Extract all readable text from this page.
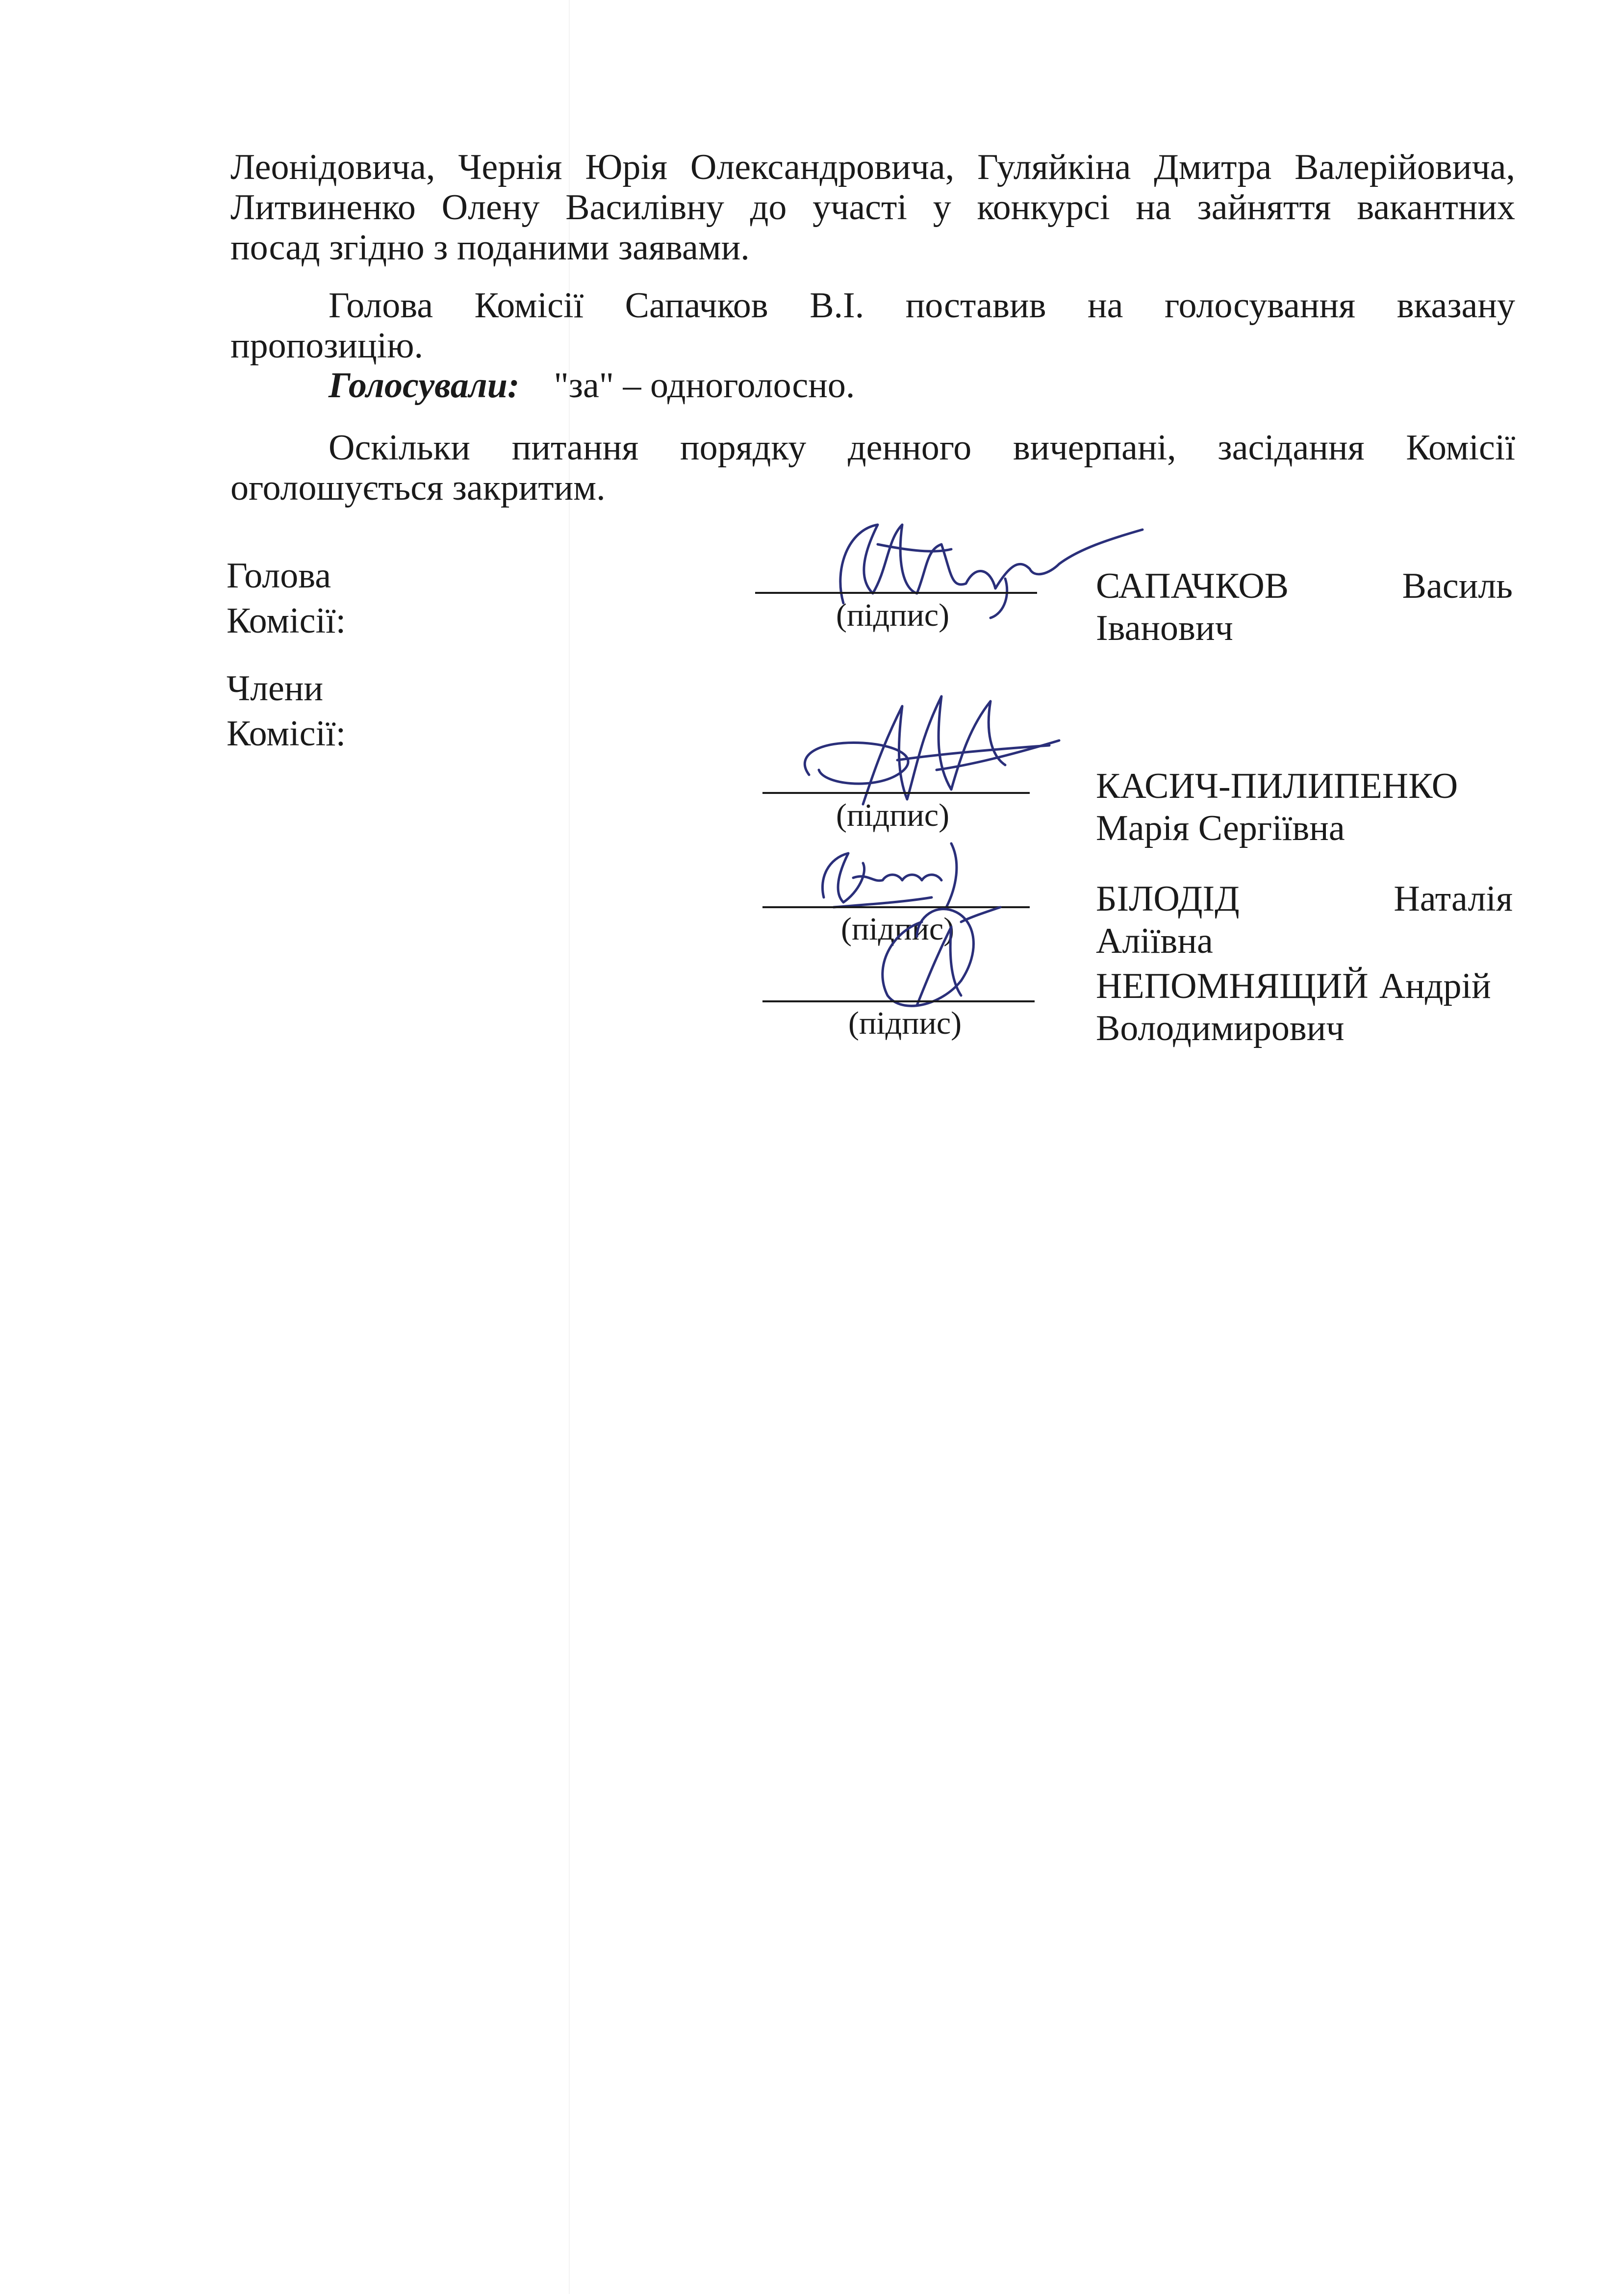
Леонідовича, Чернія Юрія Олександровича, Гуляйкіна Дмитра Валерійовича,
Литвиненко Олену Василівну до участі у конкурсі на зайняття вакантних
посад згідно з поданими заявами.
Голова Комісії Сапачков В.І. поставив на голосування вказану
пропозицію.
Голосували: "за" – одноголосно.
Оскільки питання порядку денного вичерпані, засідання Комісії
оголошується закритим.
Голова
Комісії:
Члени
Комісії:
(підпис)
САПАЧКОВ	Василь
Іванович
(підпис)
КАСИЧ-ПИЛИПЕНКО
Марія Сергіївна
(підпис)
БІЛОДІД	Наталія
Аліївна
(підпис)
НЕПОМНЯЩИЙ Андрій
Володимирович
